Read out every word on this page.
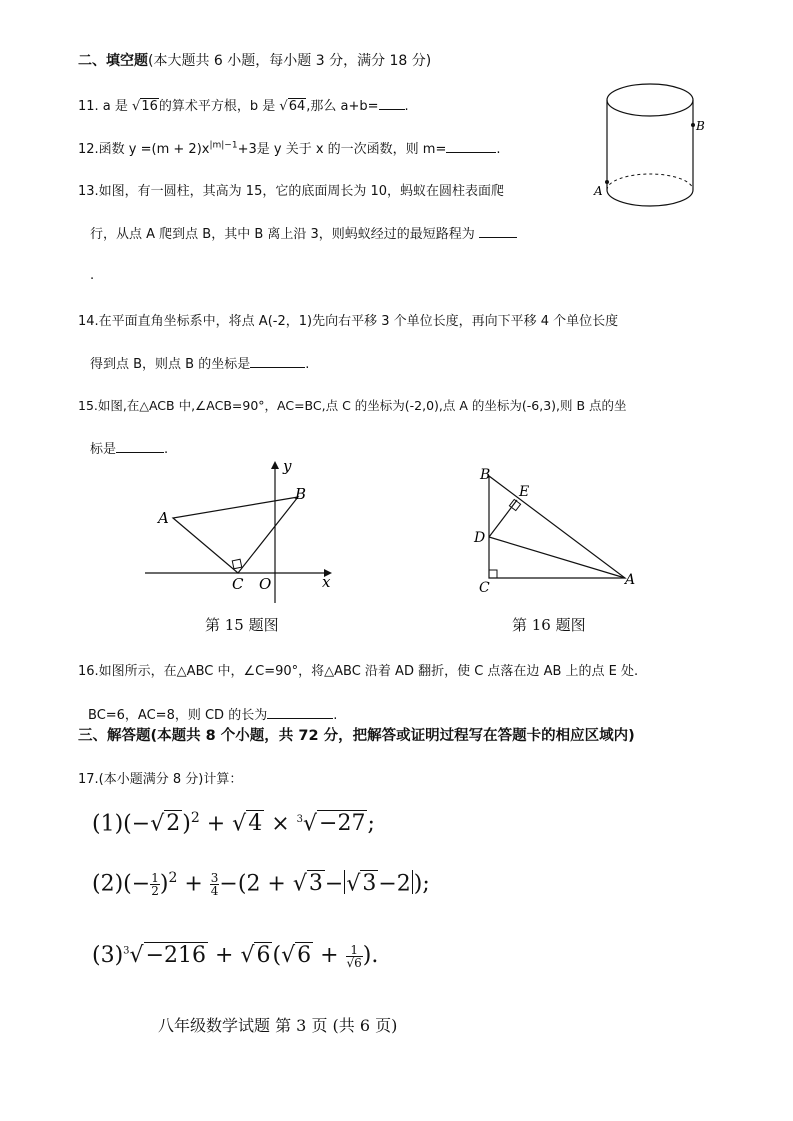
二、填空题(本大题共 6 小题，每小题 3 分，满分 18 分)
11. a 是 √16的算术平方根，b 是 √64,那么 a+b= .
12.函数 $y =(m + 2)x^{|m|-1}+3$是 y 关于 x 的一次函数，则 m=	.
B
A
13.如图，有一圆柱，其高为 15，它的底面周长为 10，蚂蚁在圆柱表面爬
行，从点 A 爬到点 B，其中 B 离上沿 3，则蚂蚁经过的最短路程为
.
14.在平面直角坐标系中，将点 A(-2，1)先向右平移 3 个单位长度，再向下平移 4 个单位长度
得到点 B，则点 B 的坐标是	.
15.如图,在△ACB 中,∠ACB=90°，AC=BC,点 C 的坐标为(-2,0),点 A 的坐标为(-6,3),则 B 点的坐
标是	.
y
x
A
B
C O
第 15 题图
B
E
D
C	A
第 16 题图
16.如图所示，在△ABC 中，∠C=90°，将△ABC 沿着 AD 翻折，使 C 点落在边 AB 上的点 E 处.
BC=6，AC=8，则 CD 的长为	.
三、解答题(本题共 8 个小题，共 72 分，把解答或证明过程写在答题卡的相应区域内)
17.(本小题满分 8 分)计算：
$(1)(-√2)^2 + √4 \times ^3√-27$;
$(2)(- \frac{1}{2} )^2 + \frac{3}{4} -(2 + √3- √3-2$ );
$(3)^3√-216 + √6(√6 + \frac{1}{√6}$ ).
八年级数学试题 第 3 页 (共 6 页)
